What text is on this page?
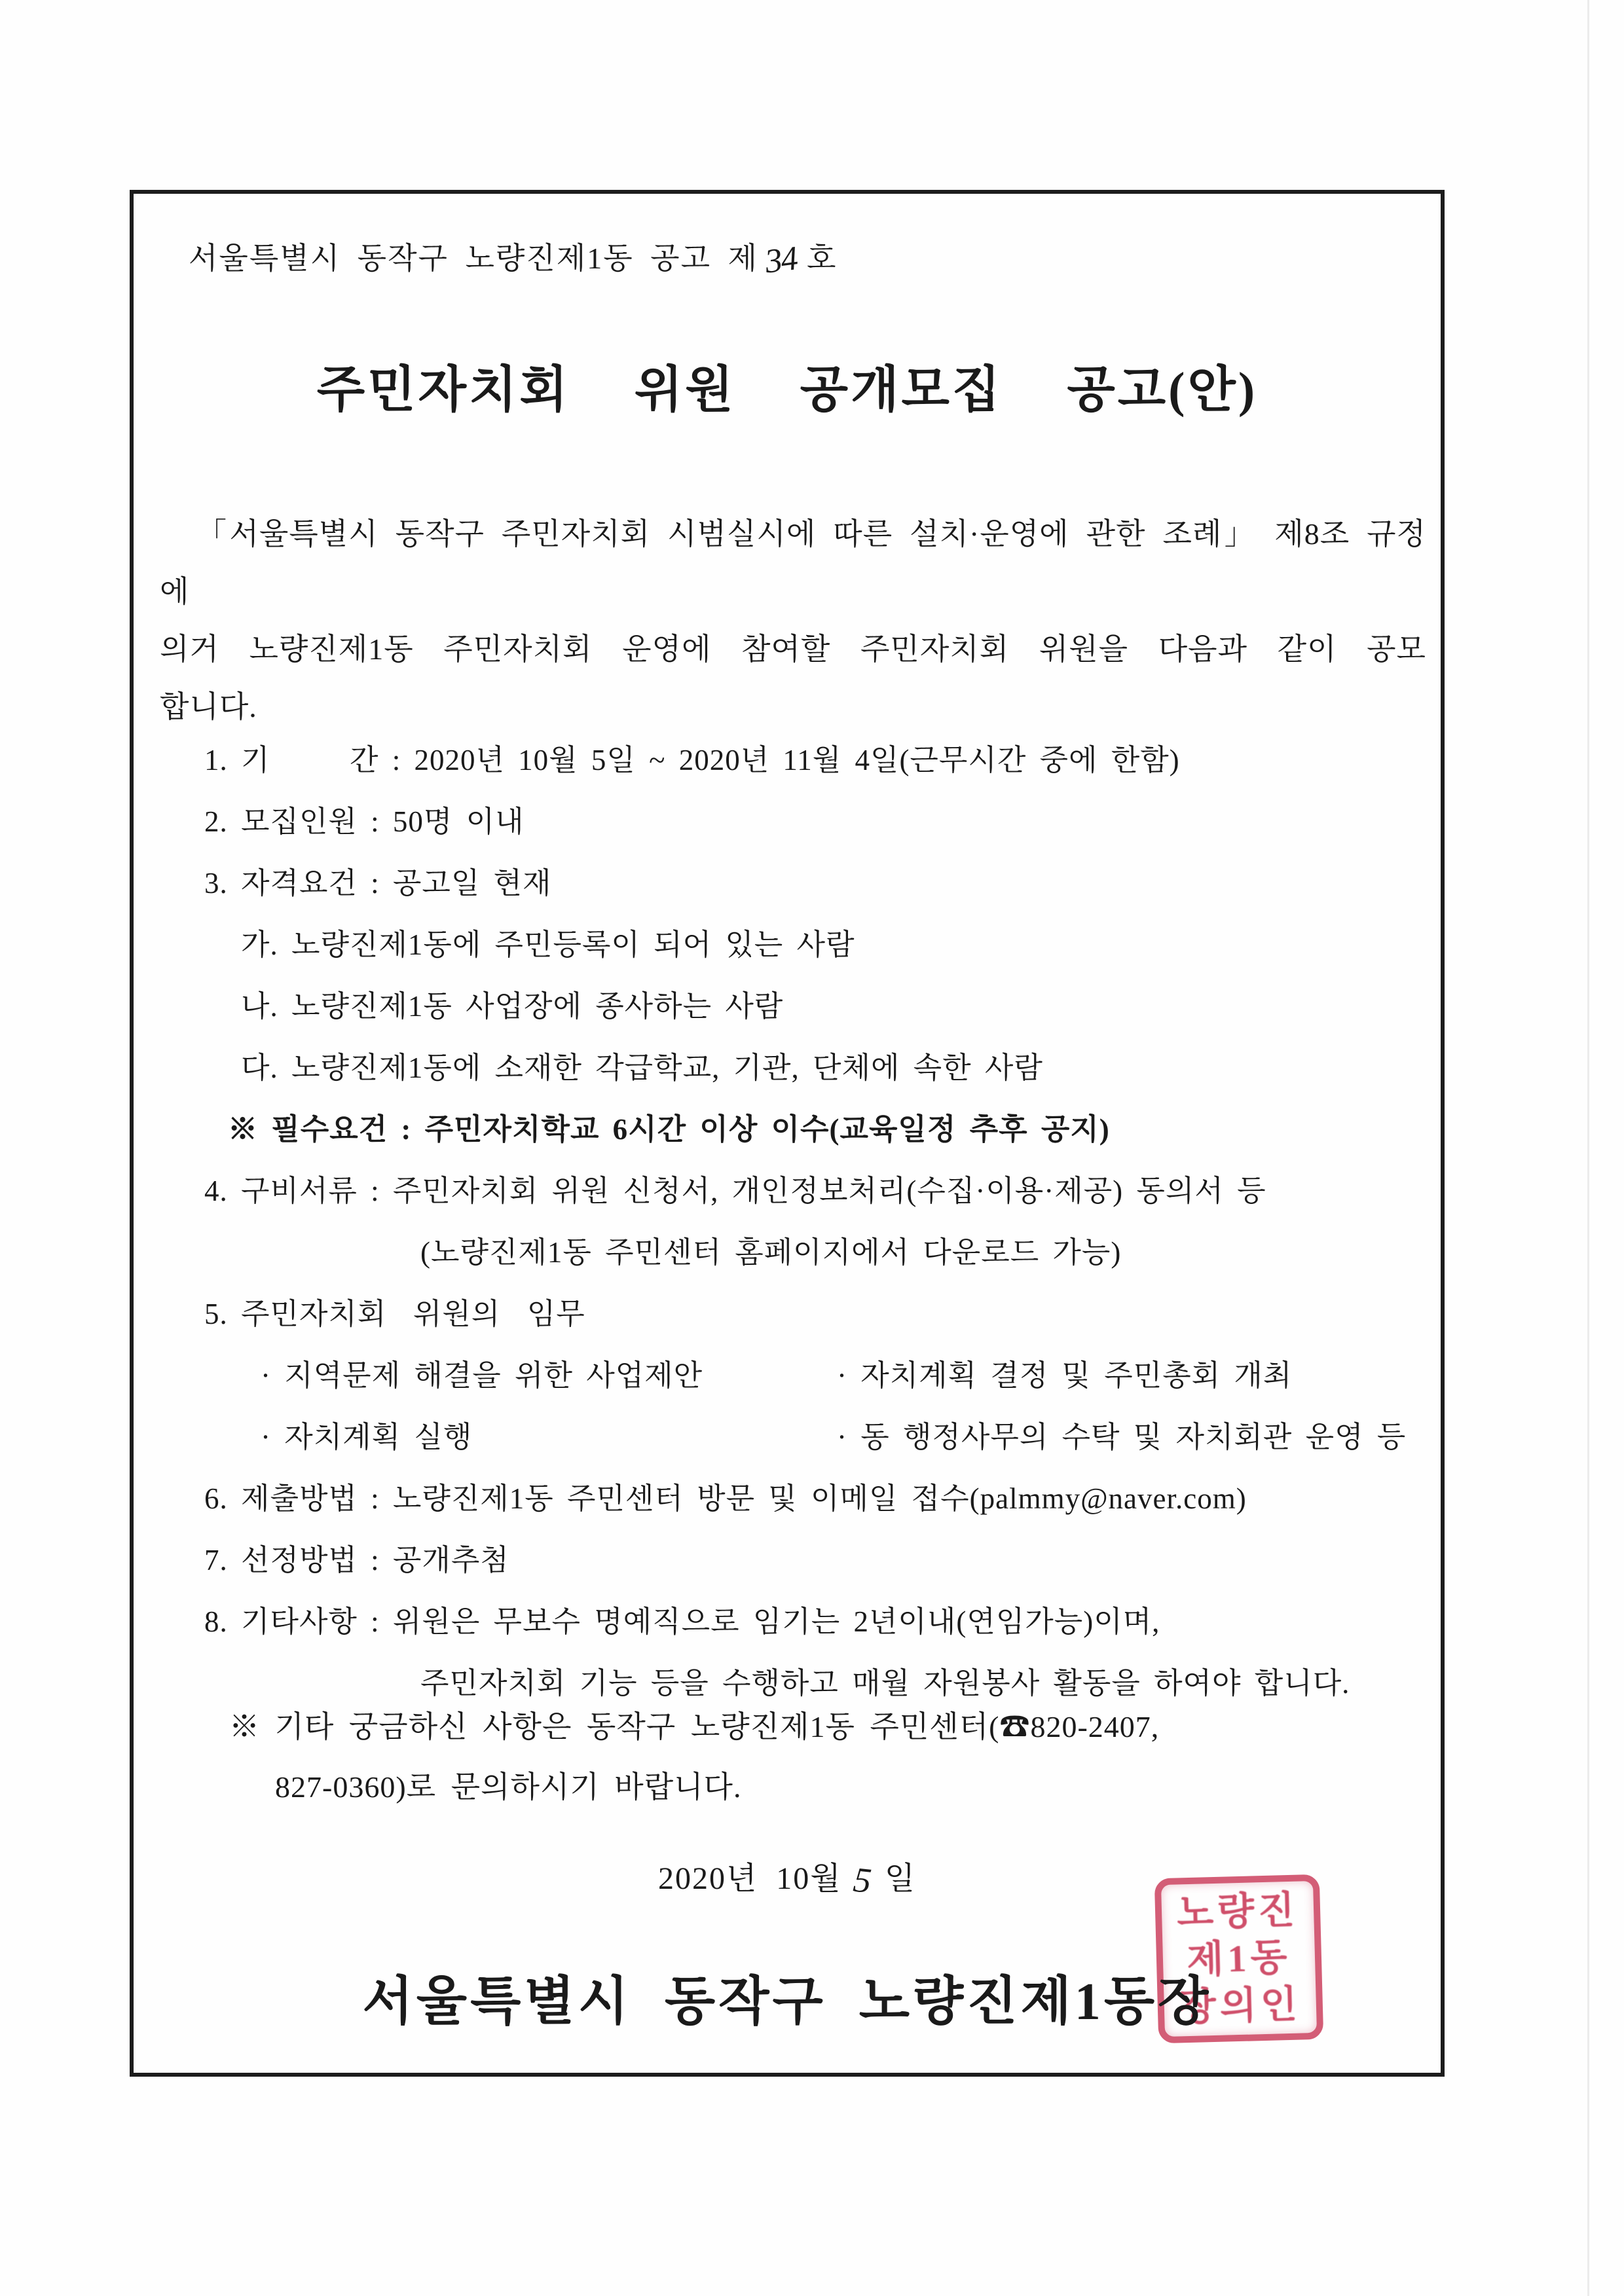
서울특별시 동작구 노량진제1동 공고 제 34 호
주민자치회  위원  공개모집  공고(안)
「서울특별시 동작구 주민자치회 시범실시에 따른 설치·운영에 관한 조례」 제8조 규정에
의거 노량진제1동 주민자치회 운영에 참여할 주민자치회 위원을 다음과 같이 공모
합니다.
1. 기      간 : 2020년 10월 5일 ~ 2020년 11월 4일(근무시간 중에 한함)
2. 모집인원 : 50명 이내
3. 자격요건 : 공고일 현재
가. 노량진제1동에 주민등록이 되어 있는 사람
나. 노량진제1동 사업장에 종사하는 사람
다. 노량진제1동에 소재한 각급학교, 기관, 단체에 속한 사람
※ 필수요건 : 주민자치학교 6시간 이상 이수(교육일정 추후 공지)
4. 구비서류 : 주민자치회 위원 신청서, 개인정보처리(수집·이용·제공) 동의서 등
(노량진제1동 주민센터 홈페이지에서 다운로드 가능)
5. 주민자치회  위원의  임무
· 지역문제 해결을 위한 사업제안	· 자치계획 결정 및 주민총회 개최
· 자치계획 실행	· 동 행정사무의 수탁 및 자치회관 운영 등
6. 제출방법 : 노량진제1동 주민센터 방문 및 이메일 접수(palmmy@naver.com)
7. 선정방법 : 공개추첨
8. 기타사항 : 위원은 무보수 명예직으로 임기는 2년이내(연임가능)이며,
주민자치회 기능 등을 수행하고 매월 자원봉사 활동을 하여야 합니다.
※ 기타 궁금하신 사항은 동작구 노량진제1동 주민센터(☎820-2407,
827-0360)로 문의하시기 바랍니다.
2020년  10월 5 일
서울특별시  동작구  노량진제1동장
노량진
제1동
장의인
